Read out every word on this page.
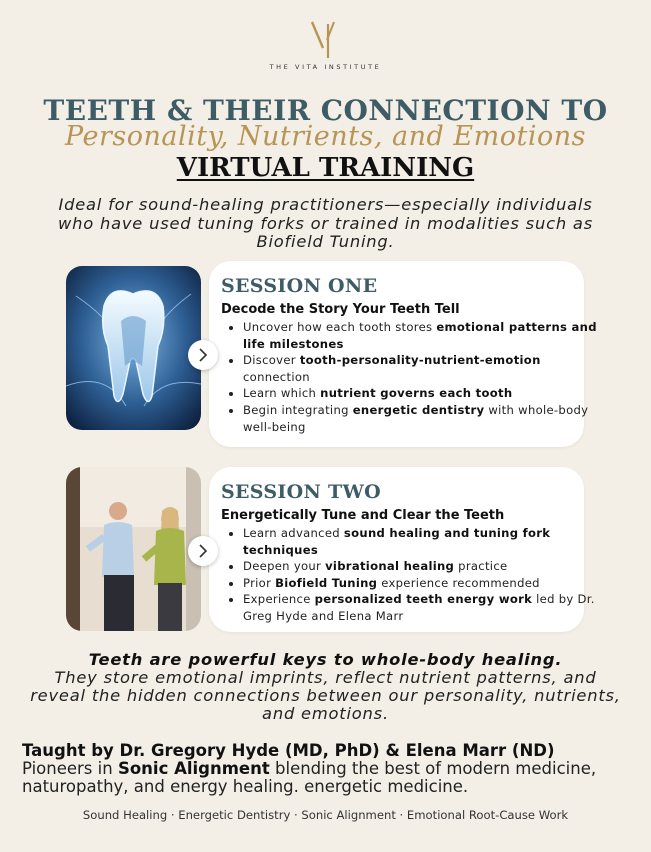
THE VITA INSTITUTE
TEETH & THEIR CONNECTION TO
Personality, Nutrients, and Emotions
VIRTUAL TRAINING
Ideal for sound-healing practitioners—especially individuals who have used tuning forks or trained in modalities such as Biofield Tuning.
SESSION ONE
Decode the Story Your Teeth Tell
• Uncover how each tooth stores emotional patterns and life milestones
• Discover tooth-personality-nutrient-emotion connection
• Learn which nutrient governs each tooth
• Begin integrating energetic dentistry with whole-body well-being
SESSION TWO
Energetically Tune and Clear the Teeth
• Learn advanced sound healing and tuning fork techniques
• Deepen your vibrational healing practice
• Prior Biofield Tuning experience recommended
• Experience personalized teeth energy work led by Dr. Greg Hyde and Elena Marr
Teeth are powerful keys to whole-body healing.
They store emotional imprints, reflect nutrient patterns, and reveal the hidden connections between our personality, nutrients, and emotions.
Taught by Dr. Gregory Hyde (MD, PhD) & Elena Marr (ND)
Pioneers in Sonic Alignment blending the best of modern medicine, naturopathy, and energy healing. energetic medicine.
Sound Healing · Energetic Dentistry · Sonic Alignment · Emotional Root-Cause Work
